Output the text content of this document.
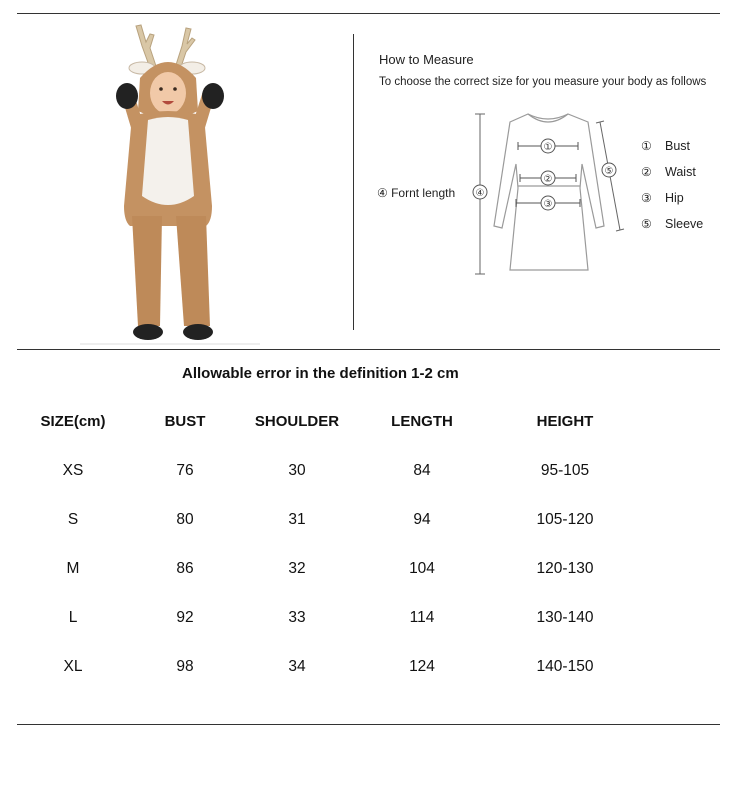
How to Measure
To choose the correct size for you measure your body as follows
④ Fornt length ④
⑤
①
②
③
① Bust
② Waist
③ Hip
⑤ Sleeve
Allowable error in the definition 1-2 cm
SIZE(cm)	BUST	SHOULDER	LENGTH	HEIGHT
XS	76	30	84	95-105
S	80	31	94	105-120
M	86	32	104	120-130
L	92	33	114	130-140
XL	98	34	124	140-150
